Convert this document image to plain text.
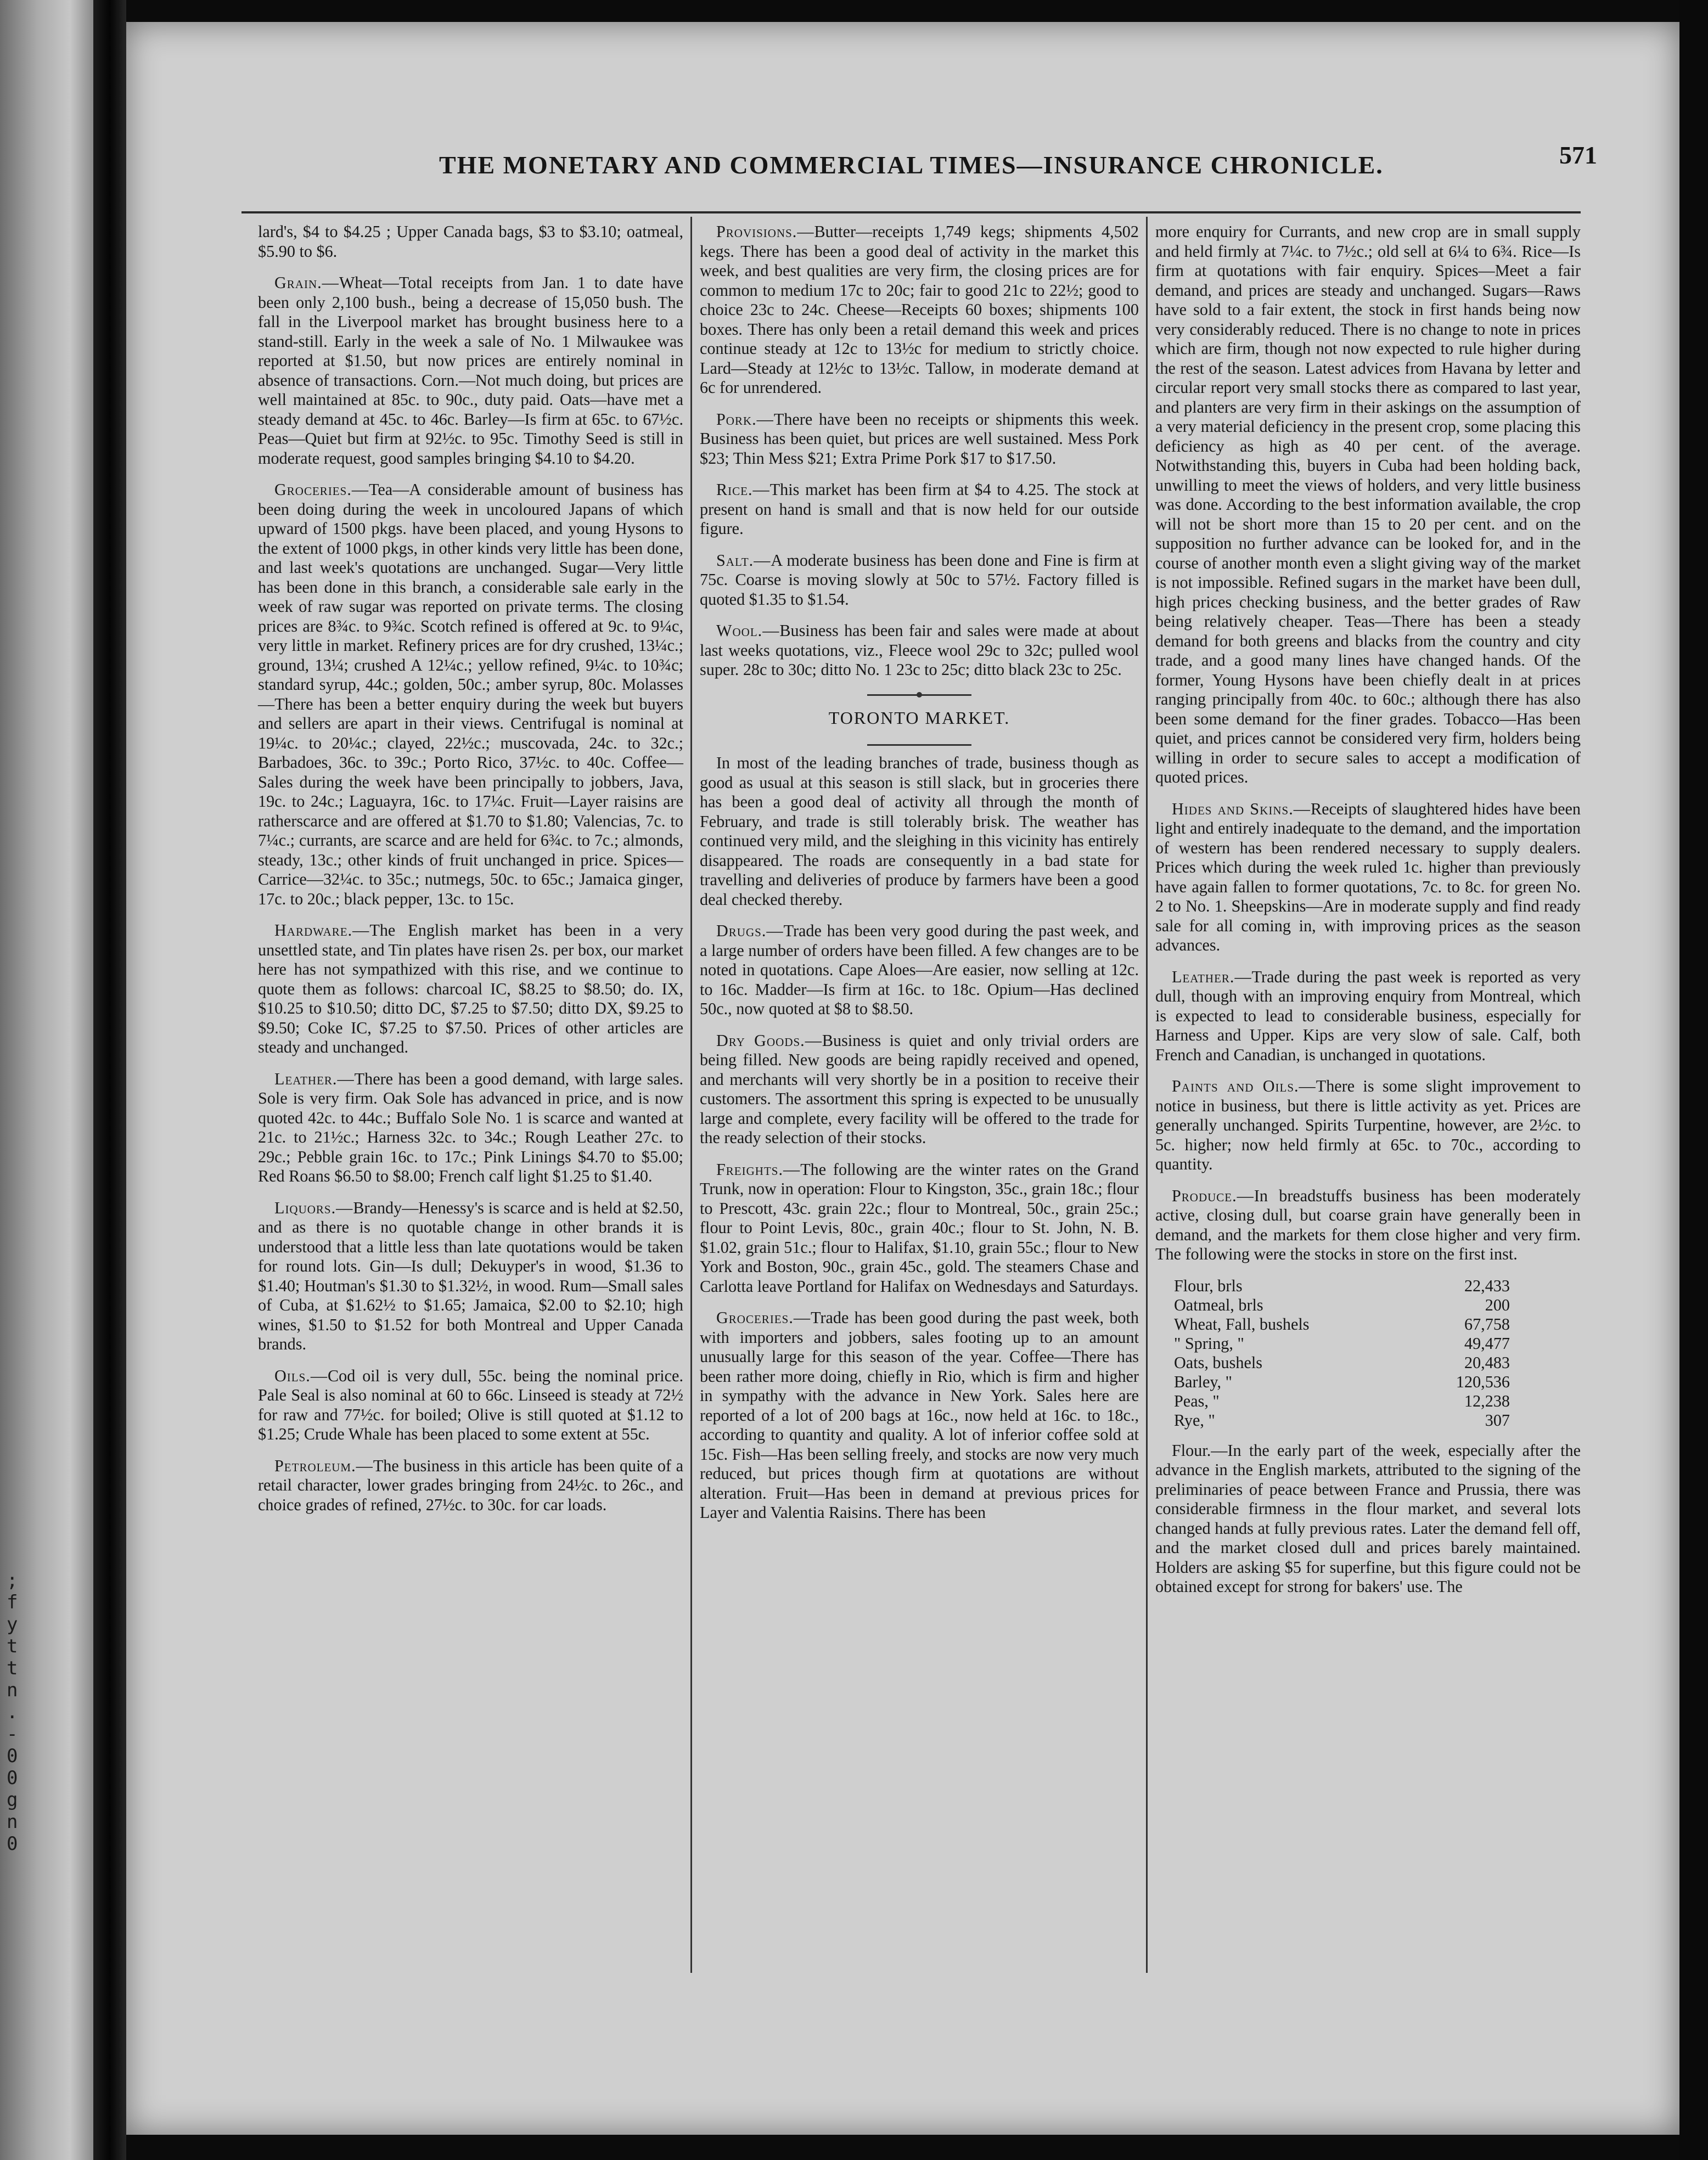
;
f
y
t
t
n
.
-
0
0
g
n
0
THE MONETARY AND COMMERCIAL TIMES—INSURANCE CHRONICLE.	571

lard's, $4 to $4.25 ; Upper Canada bags, $3 to $3.10; oatmeal, $5.90 to $6.

Grain.—Wheat—Total receipts from Jan. 1 to date have been only 2,100 bush., being a decrease of 15,050 bush. The fall in the Liverpool market has brought business here to a stand-still. Early in the week a sale of No. 1 Milwaukee was reported at $1.50, but now prices are entirely nominal in absence of transactions. Corn.—Not much doing, but prices are well maintained at 85c. to 90c., duty paid. Oats—have met a steady demand at 45c. to 46c. Barley—Is firm at 65c. to 67½c. Peas—Quiet but firm at 92½c. to 95c. Timothy Seed is still in moderate request, good samples bringing $4.10 to $4.20.

Groceries.—Tea—A considerable amount of business has been doing during the week in uncoloured Japans of which upward of 1500 pkgs. have been placed, and young Hysons to the extent of 1000 pkgs, in other kinds very little has been done, and last week's quotations are unchanged. Sugar—Very little has been done in this branch, a considerable sale early in the week of raw sugar was reported on private terms. The closing prices are 8¾c. to 9¾c. Scotch refined is offered at 9c. to 9¼c, very little in market. Refinery prices are for dry crushed, 13¼c.; ground, 13¼; crushed A 12¼c.; yellow refined, 9¼c. to 10¾c; standard syrup, 44c.; golden, 50c.; amber syrup, 80c. Molasses—There has been a better enquiry during the week but buyers and sellers are apart in their views. Centrifugal is nominal at 19¼c. to 20¼c.; clayed, 22½c.; muscovada, 24c. to 32c.; Barbadoes, 36c. to 39c.; Porto Rico, 37½c. to 40c. Coffee—Sales during the week have been principally to jobbers, Java, 19c. to 24c.; Laguayra, 16c. to 17¼c. Fruit—Layer raisins are ratherscarce and are offered at $1.70 to $1.80; Valencias, 7c. to 7¼c.; currants, are scarce and are held for 6¾c. to 7c.; almonds, steady, 13c.; other kinds of fruit unchanged in price. Spices—Carrice—32¼c. to 35c.; nutmegs, 50c. to 65c.; Jamaica ginger, 17c. to 20c.; black pepper, 13c. to 15c.

Hardware.—The English market has been in a very unsettled state, and Tin plates have risen 2s. per box, our market here has not sympathized with this rise, and we continue to quote them as follows: charcoal IC, $8.25 to $8.50; do. IX, $10.25 to $10.50; ditto DC, $7.25 to $7.50; ditto DX, $9.25 to $9.50; Coke IC, $7.25 to $7.50. Prices of other articles are steady and unchanged.

Leather.—There has been a good demand, with large sales. Sole is very firm. Oak Sole has advanced in price, and is now quoted 42c. to 44c.; Buffalo Sole No. 1 is scarce and wanted at 21c. to 21½c.; Harness 32c. to 34c.; Rough Leather 27c. to 29c.; Pebble grain 16c. to 17c.; Pink Linings $4.70 to $5.00; Red Roans $6.50 to $8.00; French calf light $1.25 to $1.40.

Liquors.—Brandy—Henessy's is scarce and is held at $2.50, and as there is no quotable change in other brands it is understood that a little less than late quotations would be taken for round lots. Gin—Is dull; Dekuyper's in wood, $1.36 to $1.40; Houtman's $1.30 to $1.32½, in wood. Rum—Small sales of Cuba, at $1.62½ to $1.65; Jamaica, $2.00 to $2.10; high wines, $1.50 to $1.52 for both Montreal and Upper Canada brands.

Oils.—Cod oil is very dull, 55c. being the nominal price. Pale Seal is also nominal at 60 to 66c. Linseed is steady at 72½ for raw and 77½c. for boiled; Olive is still quoted at $1.12 to $1.25; Crude Whale has been placed to some extent at 55c.

Petroleum.—The business in this article has been quite of a retail character, lower grades bringing from 24½c. to 26c., and choice grades of refined, 27½c. to 30c. for car loads.

Provisions.—Butter—receipts 1,749 kegs; shipments 4,502 kegs. There has been a good deal of activity in the market this week, and best qualities are very firm, the closing prices are for common to medium 17c to 20c; fair to good 21c to 22½; good to choice 23c to 24c. Cheese—Receipts 60 boxes; shipments 100 boxes. There has only been a retail demand this week and prices continue steady at 12c to 13½c for medium to strictly choice. Lard—Steady at 12½c to 13½c. Tallow, in moderate demand at 6c for unrendered.

Pork.—There have been no receipts or shipments this week. Business has been quiet, but prices are well sustained. Mess Pork $23; Thin Mess $21; Extra Prime Pork $17 to $17.50.

Rice.—This market has been firm at $4 to 4.25. The stock at present on hand is small and that is now held for our outside figure.

Salt.—A moderate business has been done and Fine is firm at 75c. Coarse is moving slowly at 50c to 57½. Factory filled is quoted $1.35 to $1.54.

Wool.—Business has been fair and sales were made at about last weeks quotations, viz., Fleece wool 29c to 32c; pulled wool super. 28c to 30c; ditto No. 1 23c to 25c; ditto black 23c to 25c.

TORONTO MARKET.

In most of the leading branches of trade, business though as good as usual at this season is still slack, but in groceries there has been a good deal of activity all through the month of February, and trade is still tolerably brisk. The weather has continued very mild, and the sleighing in this vicinity has entirely disappeared. The roads are consequently in a bad state for travelling and deliveries of produce by farmers have been a good deal checked thereby.

Drugs.—Trade has been very good during the past week, and a large number of orders have been filled. A few changes are to be noted in quotations. Cape Aloes—Are easier, now selling at 12c. to 16c. Madder—Is firm at 16c. to 18c. Opium—Has declined 50c., now quoted at $8 to $8.50.

Dry Goods.—Business is quiet and only trivial orders are being filled. New goods are being rapidly received and opened, and merchants will very shortly be in a position to receive their customers. The assortment this spring is expected to be unusually large and complete, every facility will be offered to the trade for the ready selection of their stocks.

Freights.—The following are the winter rates on the Grand Trunk, now in operation: Flour to Kingston, 35c., grain 18c.; flour to Prescott, 43c. grain 22c.; flour to Montreal, 50c., grain 25c.; flour to Point Levis, 80c., grain 40c.; flour to St. John, N. B. $1.02, grain 51c.; flour to Halifax, $1.10, grain 55c.; flour to New York and Boston, 90c., grain 45c., gold. The steamers Chase and Carlotta leave Portland for Halifax on Wednesdays and Saturdays.

Groceries.—Trade has been good during the past week, both with importers and jobbers, sales footing up to an amount unusually large for this season of the year. Coffee—There has been rather more doing, chiefly in Rio, which is firm and higher in sympathy with the advance in New York. Sales here are reported of a lot of 200 bags at 16c., now held at 16c. to 18c., according to quantity and quality. A lot of inferior coffee sold at 15c. Fish—Has been selling freely, and stocks are now very much reduced, but prices though firm at quotations are without alteration. Fruit—Has been in demand at previous prices for Layer and Valentia Raisins. There has been

more enquiry for Currants, and new crop are in small supply and held firmly at 7¼c. to 7½c.; old sell at 6¼ to 6¾. Rice—Is firm at quotations with fair enquiry. Spices—Meet a fair demand, and prices are steady and unchanged. Sugars—Raws have sold to a fair extent, the stock in first hands being now very considerably reduced. There is no change to note in prices which are firm, though not now expected to rule higher during the rest of the season. Latest advices from Havana by letter and circular report very small stocks there as compared to last year, and planters are very firm in their askings on the assumption of a very material deficiency in the present crop, some placing this deficiency as high as 40 per cent. of the average. Notwithstanding this, buyers in Cuba had been holding back, unwilling to meet the views of holders, and very little business was done. According to the best information available, the crop will not be short more than 15 to 20 per cent. and on the supposition no further advance can be looked for, and in the course of another month even a slight giving way of the market is not impossible. Refined sugars in the market have been dull, high prices checking business, and the better grades of Raw being relatively cheaper. Teas—There has been a steady demand for both greens and blacks from the country and city trade, and a good many lines have changed hands. Of the former, Young Hysons have been chiefly dealt in at prices ranging principally from 40c. to 60c.; although there has also been some demand for the finer grades. Tobacco—Has been quiet, and prices cannot be considered very firm, holders being willing in order to secure sales to accept a modification of quoted prices.

Hides and Skins.—Receipts of slaughtered hides have been light and entirely inadequate to the demand, and the importation of western has been rendered necessary to supply dealers. Prices which during the week ruled 1c. higher than previously have again fallen to former quotations, 7c. to 8c. for green No. 2 to No. 1. Sheepskins—Are in moderate supply and find ready sale for all coming in, with improving prices as the season advances.

Leather.—Trade during the past week is reported as very dull, though with an improving enquiry from Montreal, which is expected to lead to considerable business, especially for Harness and Upper. Kips are very slow of sale. Calf, both French and Canadian, is unchanged in quotations.

Paints and Oils.—There is some slight improvement to notice in business, but there is little activity as yet. Prices are generally unchanged. Spirits Turpentine, however, are 2½c. to 5c. higher; now held firmly at 65c. to 70c., according to quantity.

Produce.—In breadstuffs business has been moderately active, closing dull, but coarse grain have generally been in demand, and the markets for them close higher and very firm. The following were the stocks in store on the first inst.

Flour, brls	22,433
Oatmeal, brls	200
Wheat, Fall, bushels	67,758
" Spring, "	49,477
Oats, bushels	20,483
Barley, "	120,536
Peas, "	12,238
Rye, "	307

Flour.—In the early part of the week, especially after the advance in the English markets, attributed to the signing of the preliminaries of peace between France and Prussia, there was considerable firmness in the flour market, and several lots changed hands at fully previous rates. Later the demand fell off, and the market closed dull and prices barely maintained. Holders are asking $5 for superfine, but this figure could not be obtained except for strong for bakers' use. The
